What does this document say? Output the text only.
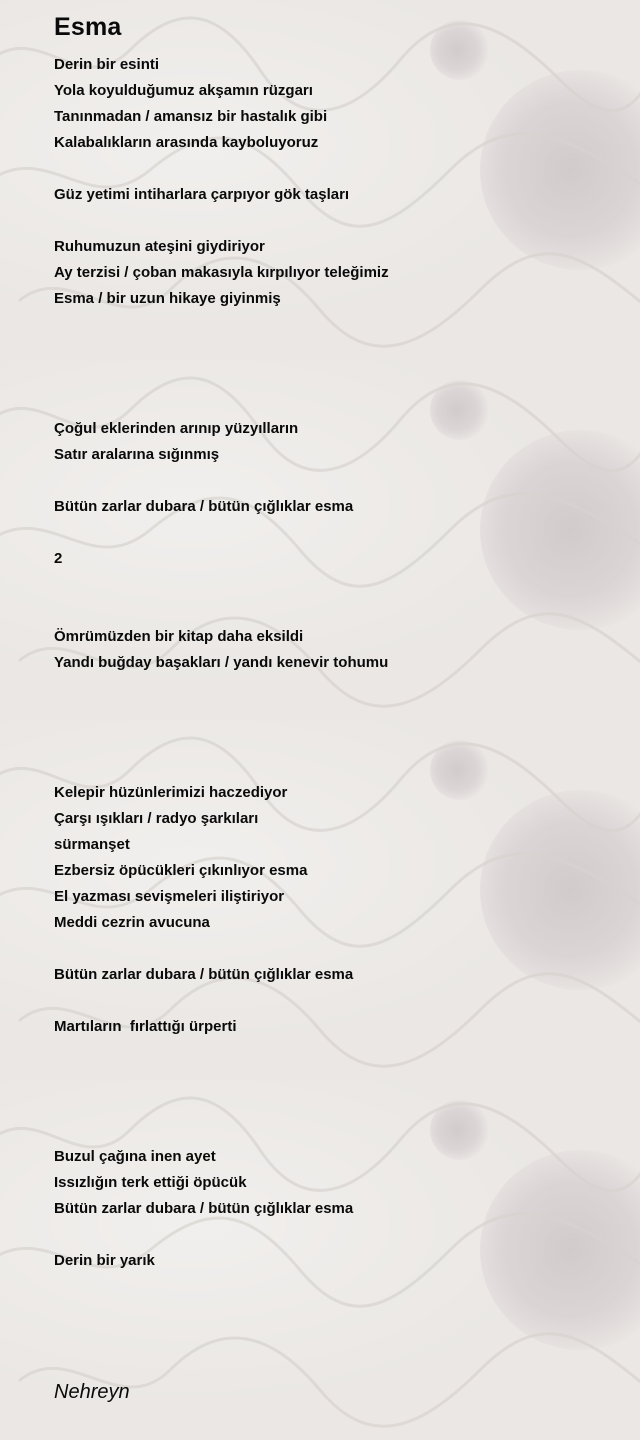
Esma
Derin bir esinti
Yola koyulduğumuz akşamın rüzgarı
Tanınmadan / amansız bir hastalık gibi
Kalabalıkların arasında kayboluyoruz
Güz yetimi intiharlara çarpıyor gök taşları
Ruhumuzun ateşini giydiriyor
Ay terzisi / çoban makasıyla kırpılıyor teleğimiz
Esma / bir uzun hikaye giyinmiş
Çoğul eklerinden arınıp yüzyılların
Satır aralarına sığınmış
Bütün zarlar dubara / bütün çığlıklar esma
2
Ömrümüzden bir kitap daha eksildi
Yandı buğday başakları / yandı kenevir tohumu
Kelepir hüzünlerimizi haczediyor
Çarşı ışıkları / radyo şarkıları
sürmanşet
Ezbersiz öpücükleri çıkınlıyor esma
El yazması sevişmeleri iliştiriyor
Meddi cezrin avucuna
Bütün zarlar dubara / bütün çığlıklar esma
Martıların  fırlattığı ürperti
Buzul çağına inen ayet
Issızlığın terk ettiği öpücük
Bütün zarlar dubara / bütün çığlıklar esma
Derin bir yarık
Nehreyn
